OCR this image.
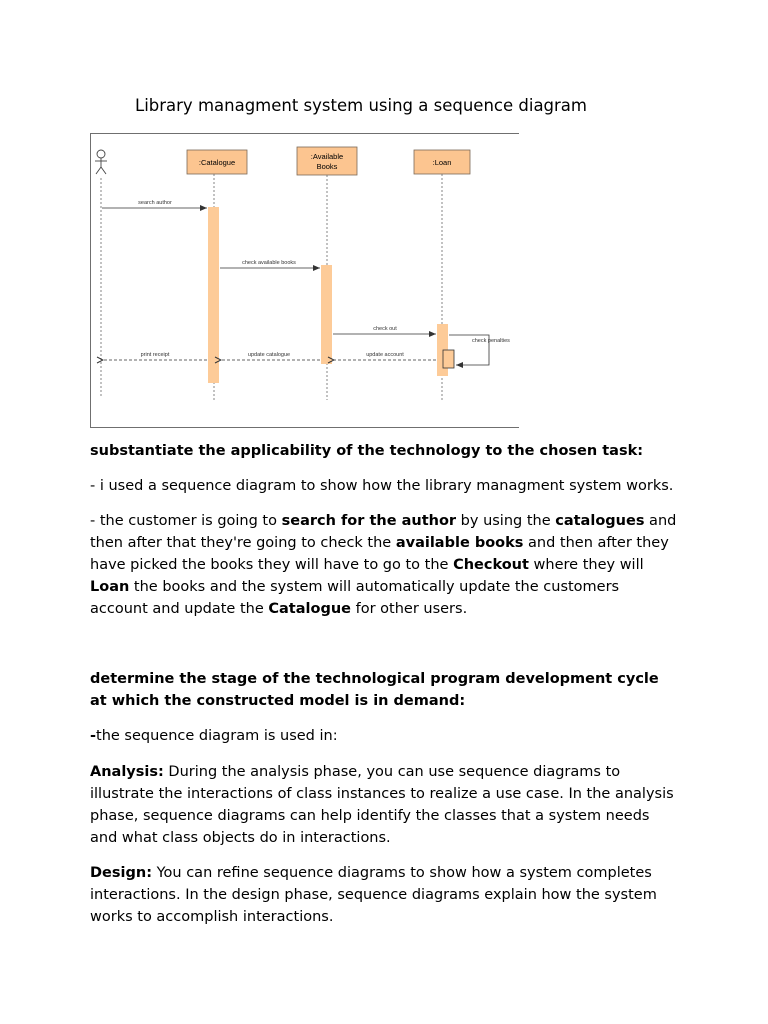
Library managment system using a sequence diagram
:Catalogue
:Available
Books	:Loan
search author
check available books
check out
check penalties
print receipt	update catalogue	update account

substantiate the applicability of the technology to the chosen task:

- i used a sequence diagram to show how the library managment system works.

- the customer is going to search for the author by using the catalogues and then after that they're going to check the available books and then after they have picked the books they will have to go to the Checkout where they will Loan the books and the system will automatically update the customers account and update the Catalogue for other users.

determine the stage of the technological program development cycle at which the constructed model is in demand:

-the sequence diagram is used in:

Analysis: During the analysis phase, you can use sequence diagrams to illustrate the interactions of class instances to realize a use case. In the analysis phase, sequence diagrams can help identify the classes that a system needs and what class objects do in interactions.

Design: You can refine sequence diagrams to show how a system completes interactions. In the design phase, sequence diagrams explain how the system works to accomplish interactions.
